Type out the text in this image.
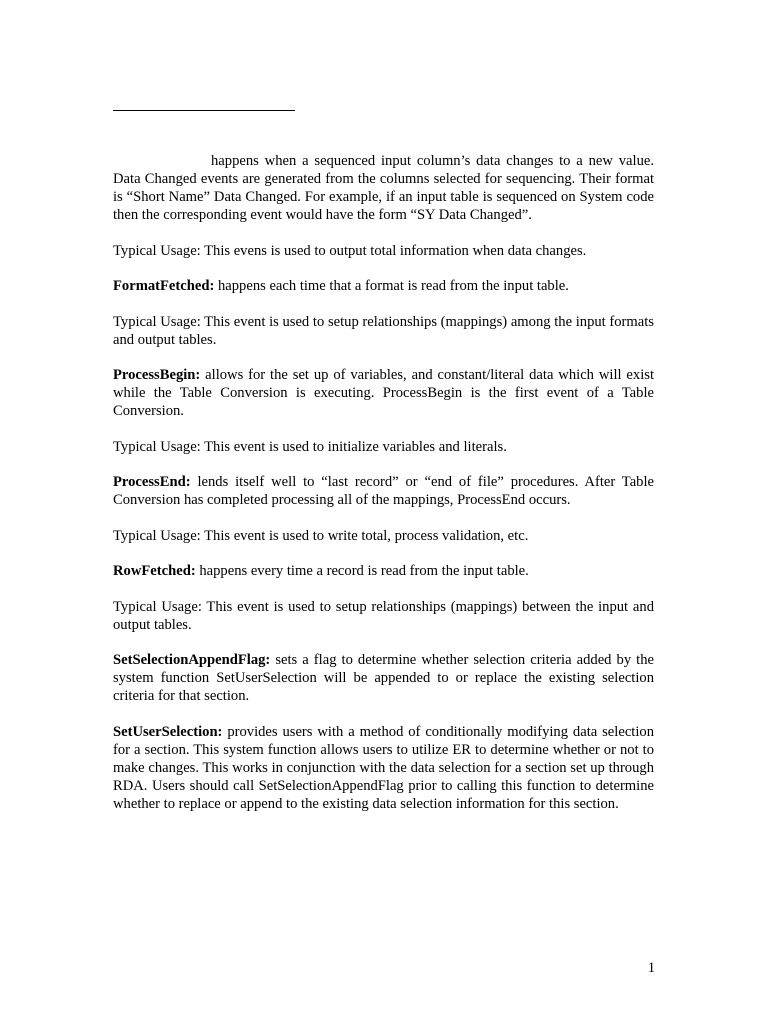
happens when a sequenced input column’s data changes to a new value. Data Changed events are generated from the columns selected for sequencing. Their format is “Short Name” Data Changed. For example, if an input table is sequenced on System code then the corresponding event would have the form “SY Data Changed”.

Typical Usage: This evens is used to output total information when data changes.

FormatFetched: happens each time that a format is read from the input table.

Typical Usage: This event is used to setup relationships (mappings) among the input formats and output tables.

ProcessBegin: allows for the set up of variables, and constant/literal data which will exist while the Table Conversion is executing. ProcessBegin is the first event of a Table Conversion.

Typical Usage: This event is used to initialize variables and literals.

ProcessEnd: lends itself well to “last record” or “end of file” procedures. After Table Conversion has completed processing all of the mappings, ProcessEnd occurs.

Typical Usage: This event is used to write total, process validation, etc.

RowFetched: happens every time a record is read from the input table.

Typical Usage: This event is used to setup relationships (mappings) between the input and output tables.

SetSelectionAppendFlag: sets a flag to determine whether selection criteria added by the system function SetUserSelection will be appended to or replace the existing selection criteria for that section.

SetUserSelection: provides users with a method of conditionally modifying data selection for a section. This system function allows users to utilize ER to determine whether or not to make changes. This works in conjunction with the data selection for a section set up through RDA. Users should call SetSelectionAppendFlag prior to calling this function to determine whether to replace or append to the existing data selection information for this section.

1
